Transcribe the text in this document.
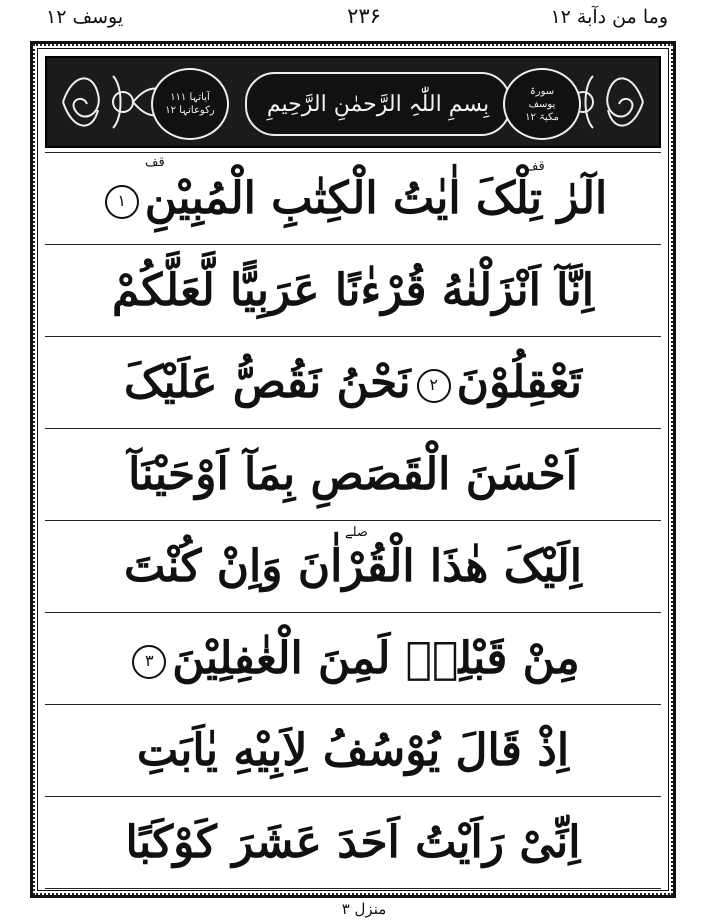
یوسف ۱۲	۲۳۶	وما من دآبة ۱۲
آیاتہا ۱۱۱
رکوعاتہا ۱۲ بِسمِ اللّٰہِ الرَّحمٰنِ الرَّحِیمِ
سورۃ
یوسف
مکیۃ ۱۲
قف	قف
الٓرٰ تِلْکَ اٰیٰتُ الْکِتٰبِ الْمُبِیْنِ۱
اِنَّآ اَنْزَلْنٰهُ قُرْءٰنًا عَرَبِیًّا لَّعَلَّکُمْ
تَعْقِلُوْنَ۲نَحْنُ نَقُصُّ عَلَیْکَ
اَحْسَنَ الْقَصَصِ بِمَآ اَوْحَیْنَآ
صلے
اِلَیْکَ هٰذَا الْقُرْاٰنَ وَاِنْ کُنْتَ
مِنْ قَبْلِهٖ لَمِنَ الْغٰفِلِیْنَ۳
اِذْ قَالَ یُوْسُفُ لِاَبِیْهِ یٰاَبَتِ
اِنِّیْ رَاَیْتُ اَحَدَ عَشَرَ کَوْکَبًا
منزل ۳
